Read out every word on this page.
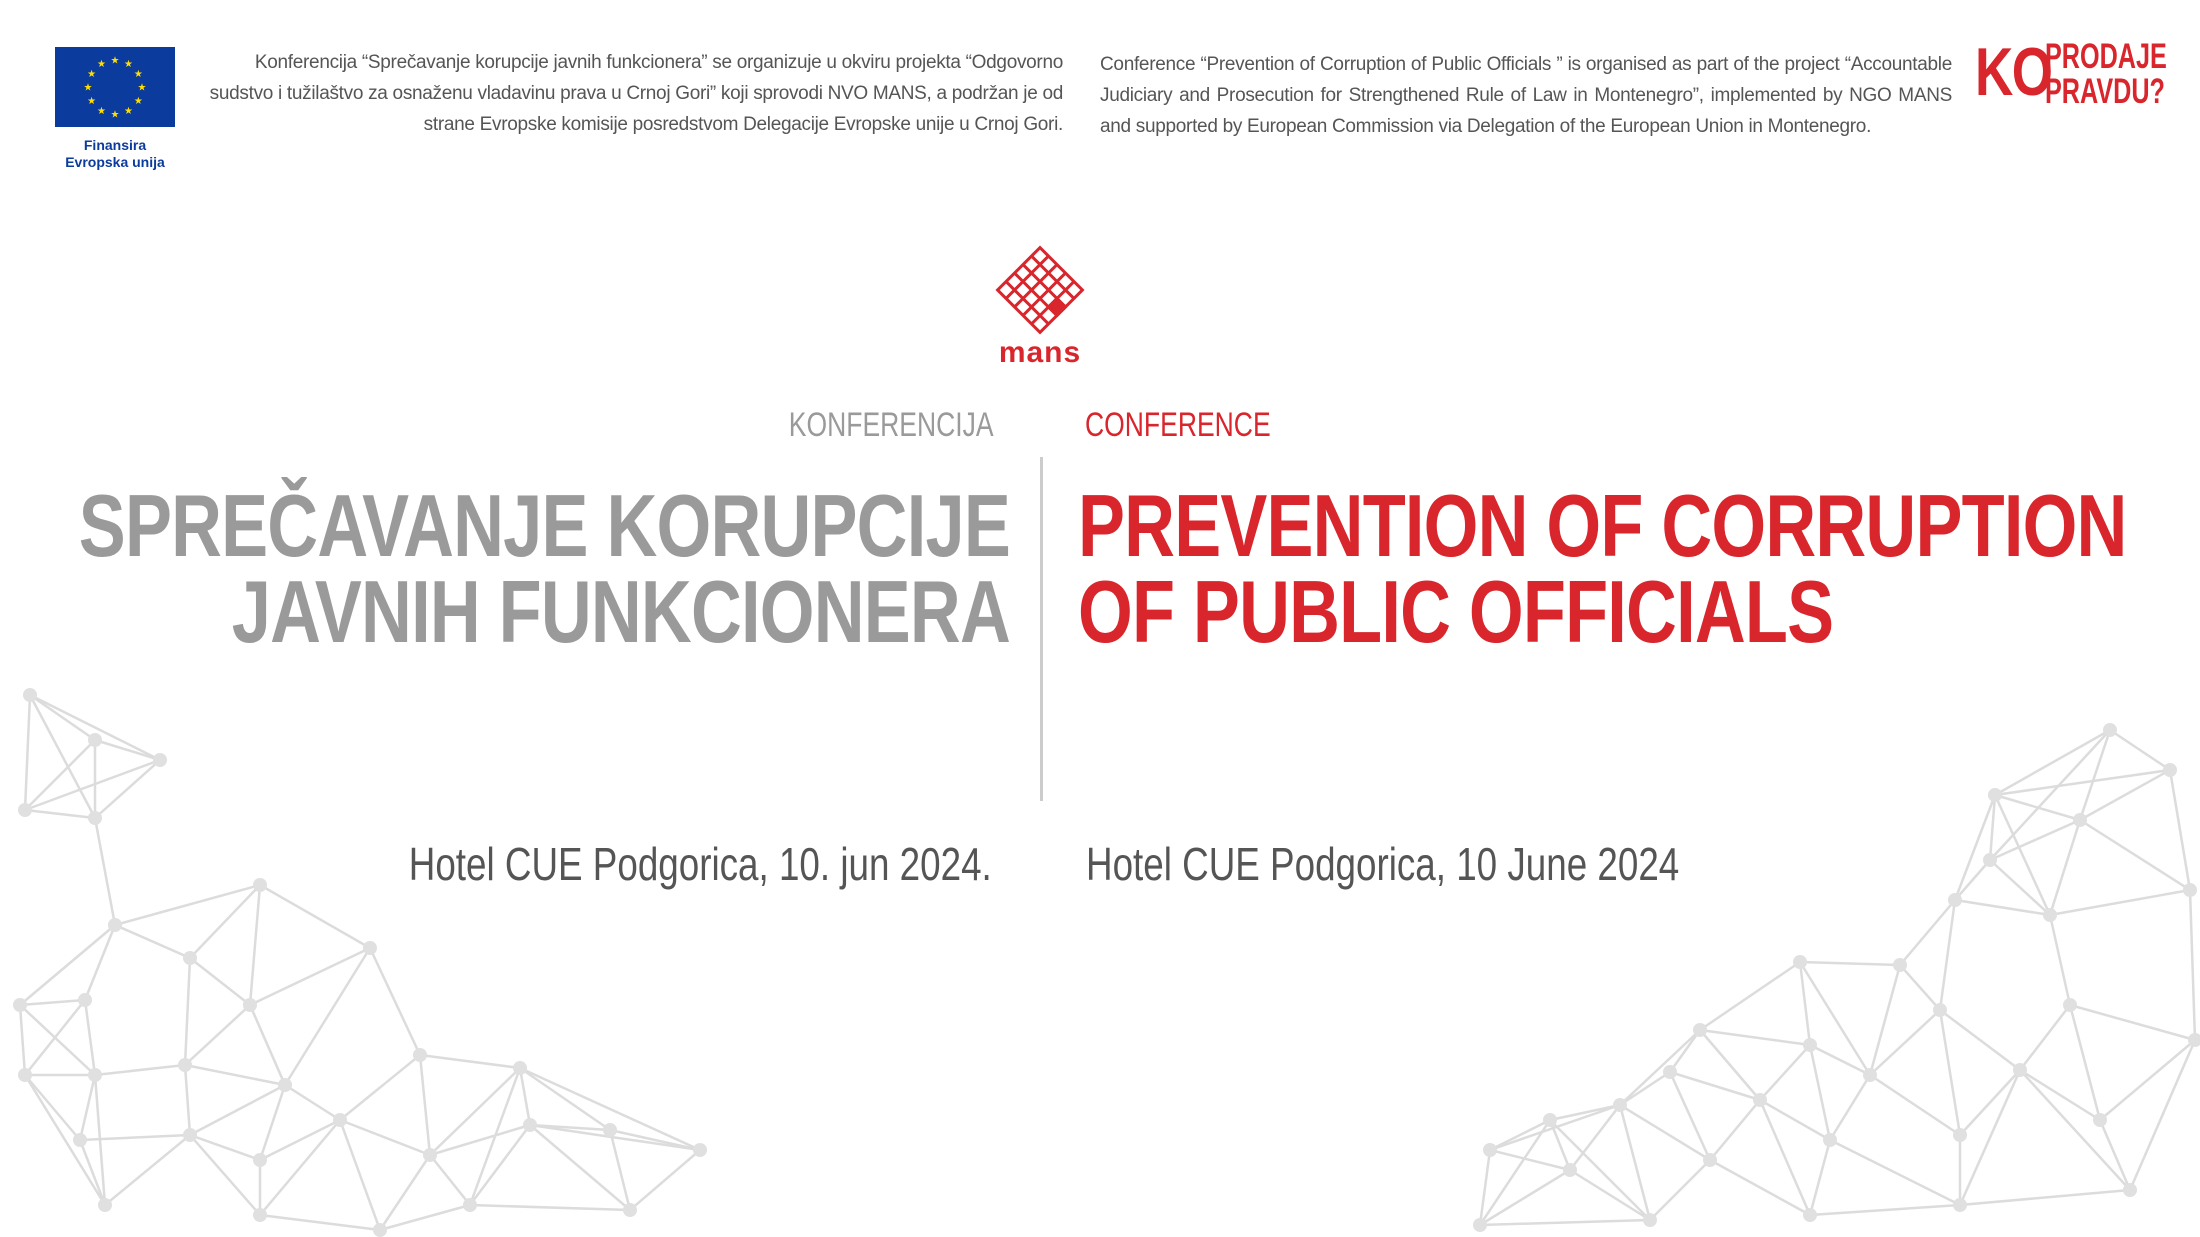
★ ★
★
★
★
★
★
★
★
★
★
★
Finansira
Evropska unija
Konferencija “Sprečavanje korupcije javnih funkcionera” se organizuje u okviru projekta “Odgovorno sudstvo i tužilaštvo za osnaženu vladavinu prava u Crnoj Gori” koji sprovodi NVO MANS, a podržan je od strane Evropske komisije posredstvom Delegacije Evropske unije u Crnoj Gori.
Conference “Prevention of Corruption of Public Officials ” is organised as part of the project “Accountable Judiciary and Prosecution for Strengthened Rule of Law in Montenegro”, implemented by NGO MANS and supported by European Commission via Delegation of the European Union in Montenegro.
KO
PRODAJE
PRAVDU?
mans
KONFERENCIJA	CONFERENCE
SPREČAVANJE KORUPCIJE
JAVNIH FUNKCIONERA
PREVENTION OF CORRUPTION
OF PUBLIC OFFICIALS
Hotel CUE Podgorica, 10. jun 2024. Hotel CUE Podgorica, 10 June 2024
